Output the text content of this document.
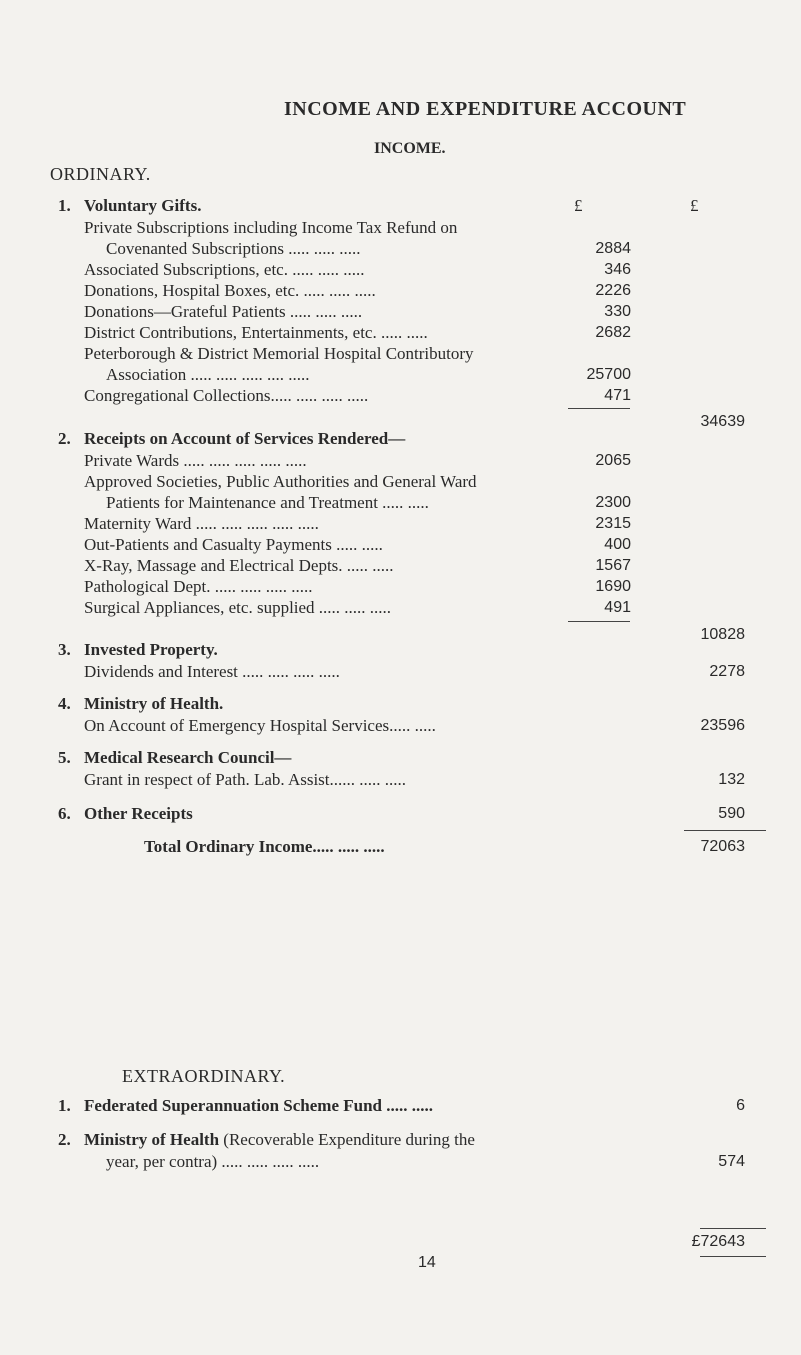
INCOME AND EXPENDITURE ACCOUNT
INCOME.
ORDINARY.
£	£
1. Voluntary Gifts.
Private Subscriptions including Income Tax Refund on
Covenanted Subscriptions ..... ..... .....	2884
Associated Subscriptions, etc. ..... ..... .....	346
Donations, Hospital Boxes, etc. ..... ..... .....	2226
Donations—Grateful Patients ..... ..... .....	330
District Contributions, Entertainments, etc. ..... .....	2682
Peterborough & District Memorial Hospital Contributory
Association ..... ..... ..... .... .....	25700
Congregational Collections..... ..... ..... .....	471
34639
2. Receipts on Account of Services Rendered—
Private Wards ..... ..... ..... ..... .....	2065
Approved Societies, Public Authorities and General Ward
Patients for Maintenance and Treatment ..... .....	2300
Maternity Ward ..... ..... ..... ..... .....	2315
Out-Patients and Casualty Payments ..... .....	400
X-Ray, Massage and Electrical Depts. ..... .....	1567
Pathological Dept. ..... ..... ..... .....	1690
Surgical Appliances, etc. supplied ..... ..... .....	491
10828
3. Invested Property.
Dividends and Interest ..... ..... ..... .....	2278
4. Ministry of Health.
On Account of Emergency Hospital Services..... .....	23596
5. Medical Research Council—
Grant in respect of Path. Lab. Assist...... ..... .....	132
6. Other Receipts	590
Total Ordinary Income..... ..... .....	72063
EXTRAORDINARY.
1. Federated Superannuation Scheme Fund ..... .....	6
2. Ministry of Health (Recoverable Expenditure during the
year, per contra) ..... ..... ..... .....	574
£72643
14
